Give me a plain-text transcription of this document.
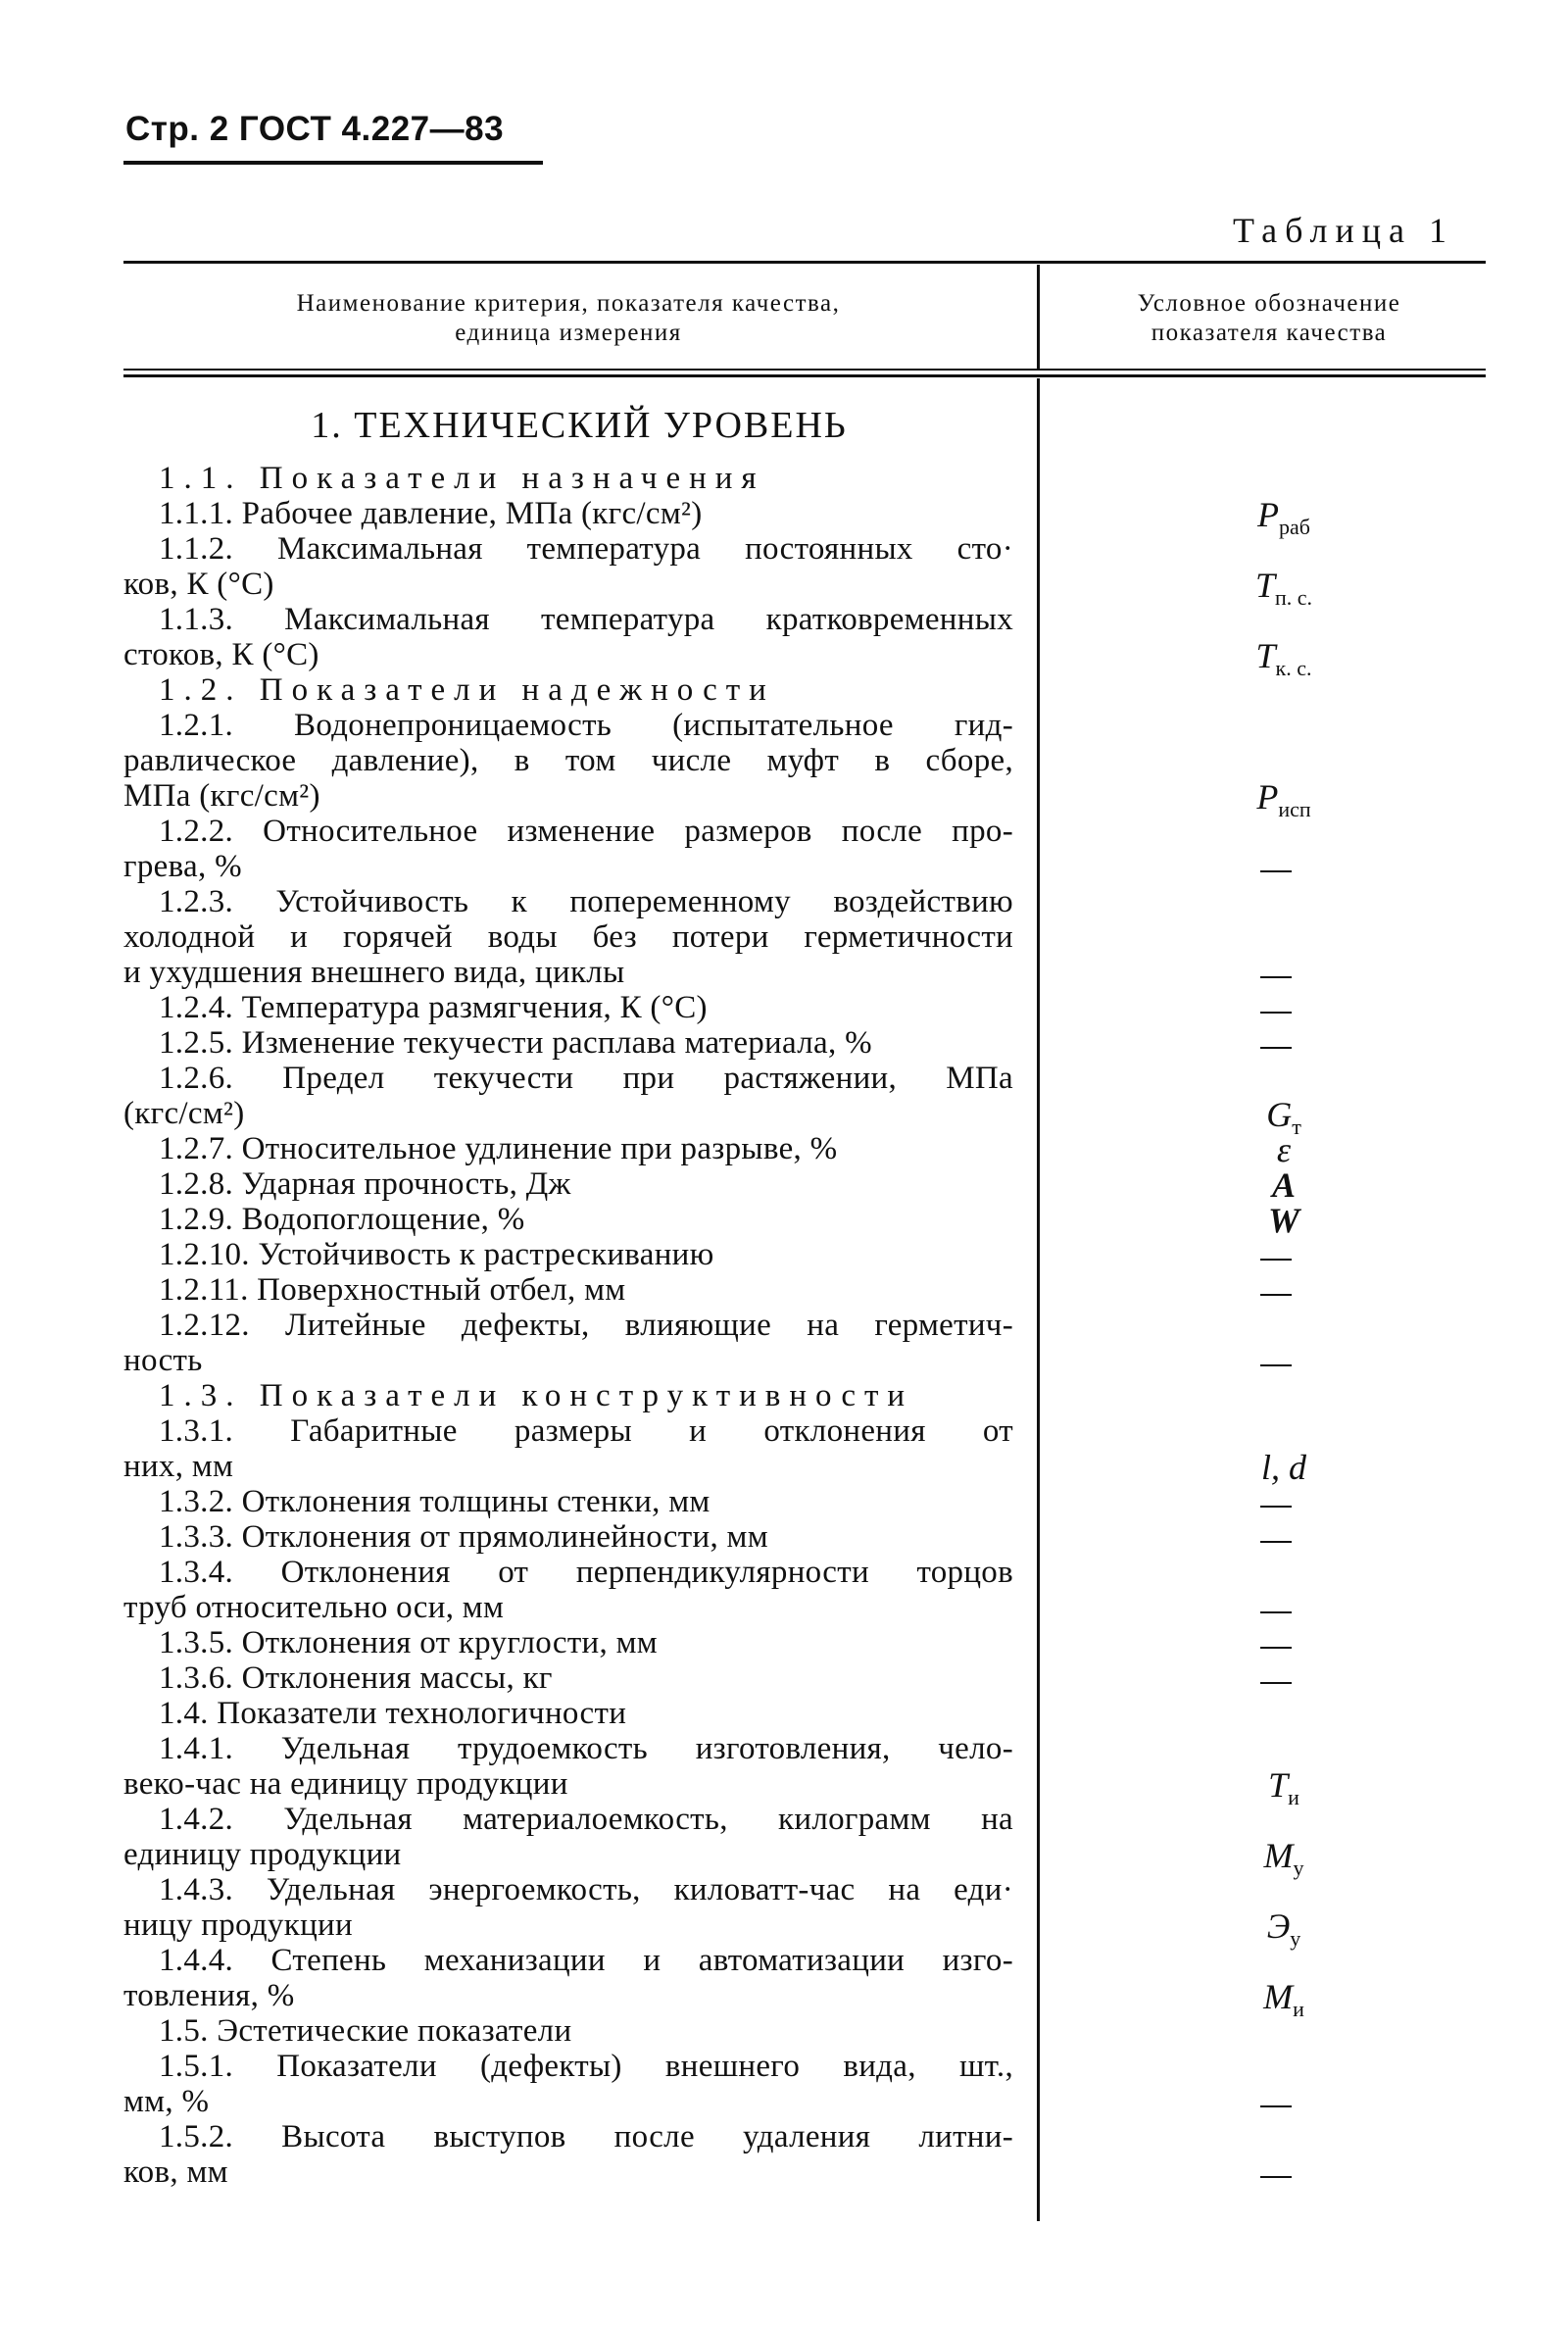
Стр. 2 ГОСТ 4.227—83
Таблица 1
Наименование критерия, показателя качества,
единица измерения
Условное обозначение
показателя качества
1. ТЕХНИЧЕСКИЙ УРОВЕНЬ
1.1. Показатели назначения
1.1.1. Рабочее давление, МПа (кгс/см²)
1.1.2. Максимальная температура постоянных сто·
ков, К (°С)
1.1.3. Максимальная температура кратковременных
стоков, К (°С)
1.2. Показатели надежности
1.2.1. Водонепроницаемость (испытательное гид-
равлическое давление), в том числе муфт в сборе,
МПа (кгс/см²)
1.2.2. Относительное изменение размеров после про-
грева, %
1.2.3. Устойчивость к попеременному воздействию
холодной и горячей воды без потери герметичности
и ухудшения внешнего вида, циклы
1.2.4. Температура размягчения, К (°С)
1.2.5. Изменение текучести расплава материала, %
1.2.6. Предел текучести при растяжении, МПа
(кгс/см²)
1.2.7. Относительное удлинение при разрыве, %
1.2.8. Ударная прочность, Дж
1.2.9. Водопоглощение, %
1.2.10. Устойчивость к растрескиванию
1.2.11. Поверхностный отбел, мм
1.2.12. Литейные дефекты, влияющие на герметич-
ность
1.3. Показатели конструктивности
1.3.1. Габаритные размеры и отклонения от
них, мм
1.3.2. Отклонения толщины стенки, мм
1.3.3. Отклонения от прямолинейности, мм
1.3.4. Отклонения от перпендикулярности торцов
труб относительно оси, мм
1.3.5. Отклонения от круглости, мм
1.3.6. Отклонения массы, кг
1.4. Показатели технологичности
1.4.1. Удельная трудоемкость изготовления, чело-
веко-час на единицу продукции
1.4.2. Удельная материалоемкость, килограмм на
единицу продукции
1.4.3. Удельная энергоемкость, киловатт-час на еди·
ницу продукции
1.4.4. Степень механизации и автоматизации изго-
товления, %
1.5. Эстетические показатели
1.5.1. Показатели (дефекты) внешнего вида, шт.,
мм, %
1.5.2. Высота выступов после удаления литни-
ков, мм
$P_{раб}$
$T_{п. с.}$
$T_{к. с.}$
$P_{исп}$
$G_т$
ε
A
W
l, d
$T_и$
$M_у$
$Э_у$
$M_и$
